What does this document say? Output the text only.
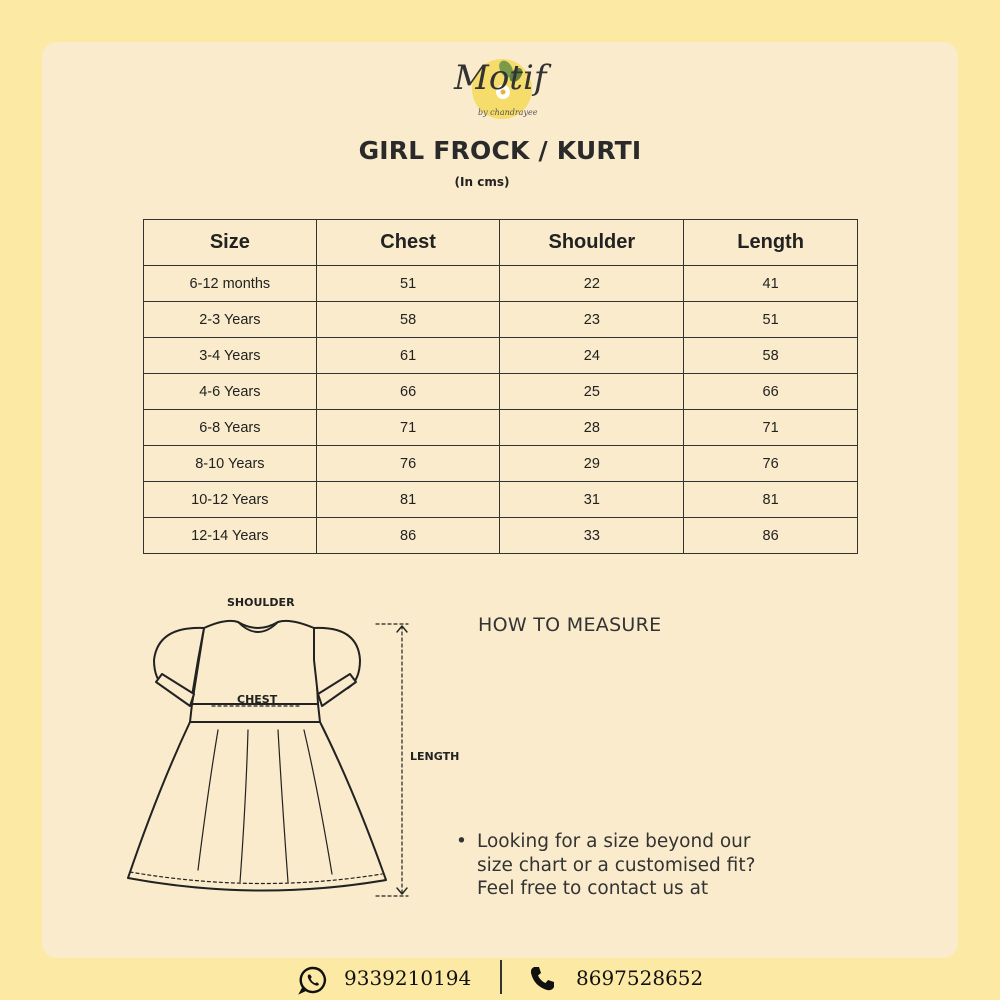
Motif
by chandrayee
GIRL FROCK / KURTI
(In cms)
Size	Chest	Shoulder	Length
6-12 months	51	22	41
2-3 Years	58	23	51
3-4 Years	61	24	58
4-6 Years	66	25	66
6-8 Years	71	28	71
8-10 Years	76	29	76
10-12 Years	81	31	81
12-14 Years	86	33	86
SHOULDER
CHEST
LENGTH
HOW TO MEASURE
• Looking for a size beyond our
size chart or a customised fit?
Feel free to contact us at
9339210194	8697528652
